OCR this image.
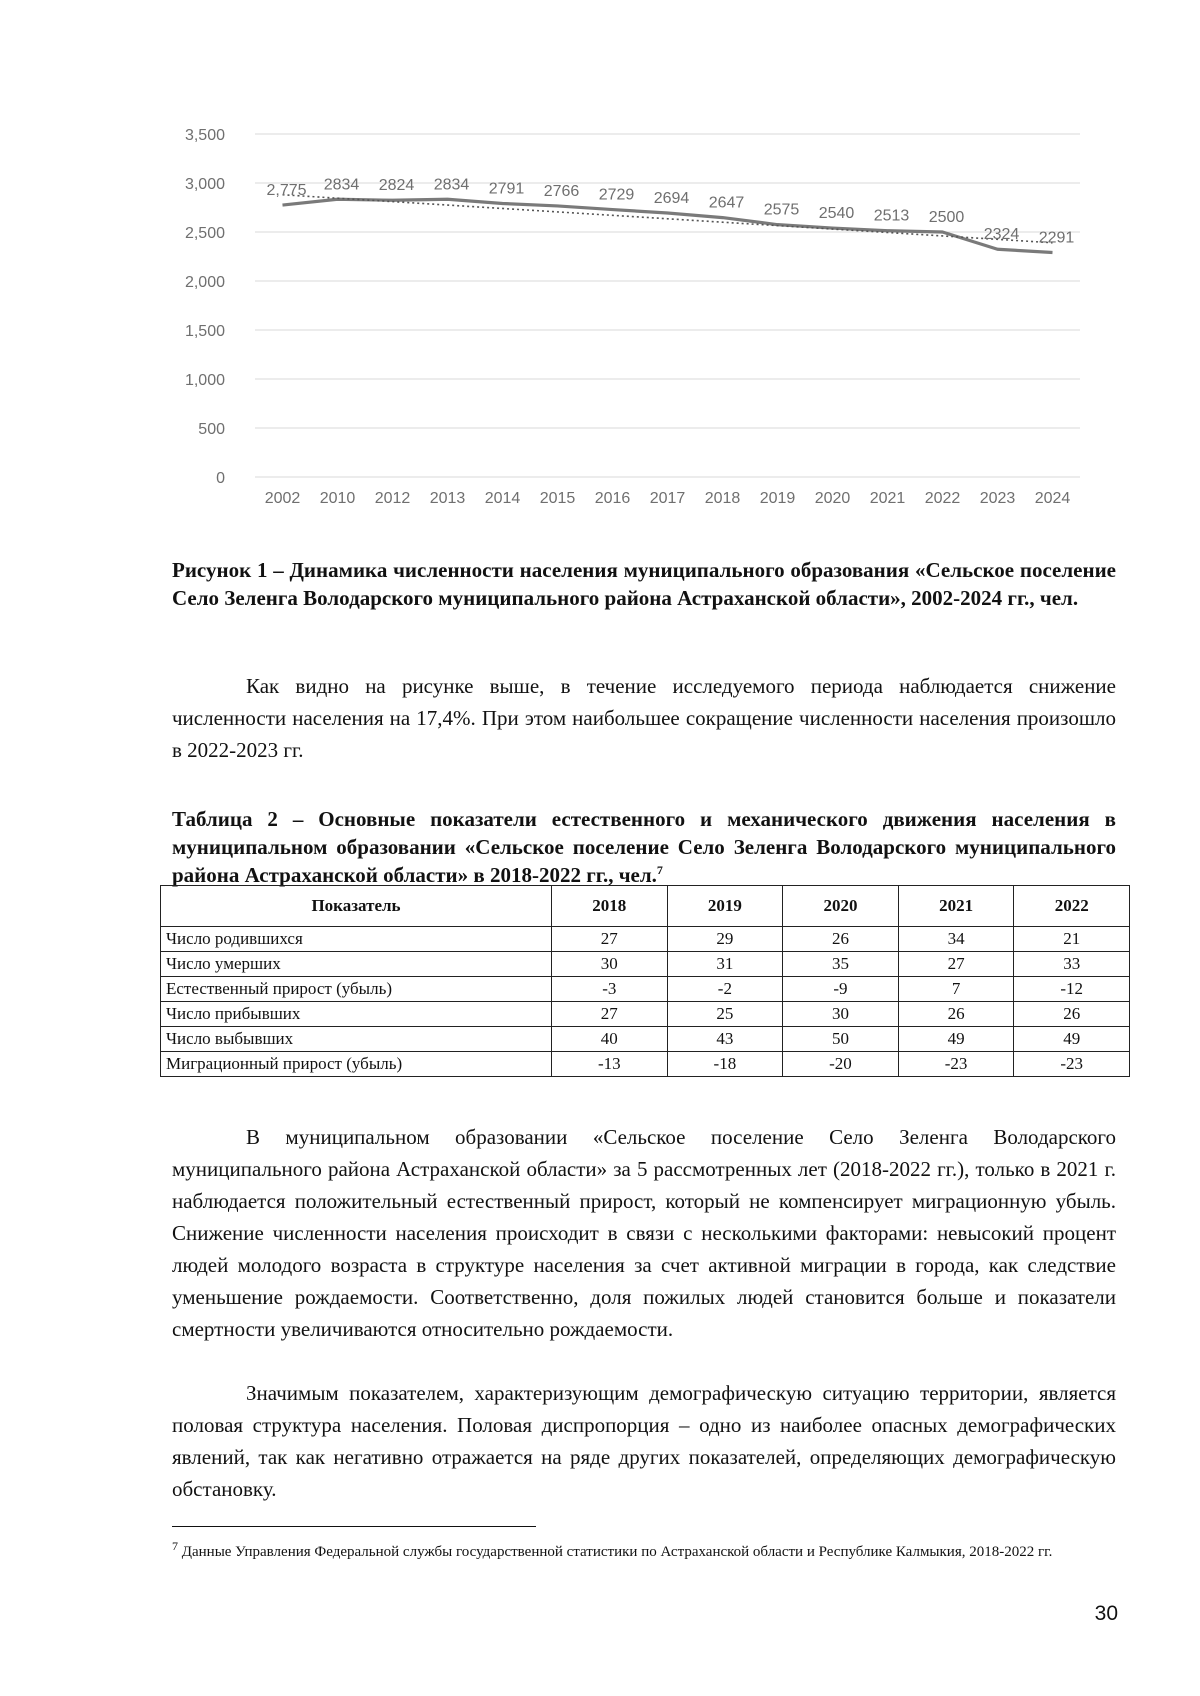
0
500
1,000
1,500
2,000
2,500
3,000
3,500
2002 2010 2012 2013 2014 2015 2016 2017 2018 2019 2020 2021 2022 2023 2024
2,775 2834 2824 2834 2791 2766 2729 2694 2647 2575 2540 2513 2500
2324 2291
Рисунок 1 – Динамика численности населения муниципального образования «Сельское поселение Село Зеленга Володарского муниципального района Астраханской области», 2002-2024 гг., чел.

Как видно на рисунке выше, в течение исследуемого периода наблюдается снижение численности населения на 17,4%. При этом наибольшее сокращение численности населения произошло в 2022-2023 гг.

Таблица 2 – Основные показатели естественного и механического движения населения в муниципальном образовании «Сельское поселение Село Зеленга Володарского муниципального района Астраханской области» в 2018-2022 гг., чел.$^7$
Показатель	2018	2019	2020	2021	2022
Число родившихся	27	29	26	34	21
Число умерших	30	31	35	27	33
Естественный прирост (убыль)	-3	-2	-9	7	-12
Число прибывших	27	25	30	26	26
Число выбывших	40	43	50	49	49
Миграционный прирост (убыль)	-13	-18	-20	-23	-23

В муниципальном образовании «Сельское поселение Село Зеленга Володарского муниципального района Астраханской области» за 5 рассмотренных лет (2018-2022 гг.), только в 2021 г. наблюдается положительный естественный прирост, который не компенсирует миграционную убыль. Снижение численности населения происходит в связи с несколькими факторами: невысокий процент людей молодого возраста в структуре населения за счет активной миграции в города, как следствие уменьшение рождаемости. Соответственно, доля пожилых людей становится больше и показатели смертности увеличиваются относительно рождаемости.

Значимым показателем, характеризующим демографическую ситуацию территории, является половая структура населения. Половая диспропорция – одно из наиболее опасных демографических явлений, так как негативно отражается на ряде других показателей, определяющих демографическую обстановку.

$^7$ Данные Управления Федеральной службы государственной статистики по Астраханской области и Республике Калмыкия, 2018-2022 гг.
30
